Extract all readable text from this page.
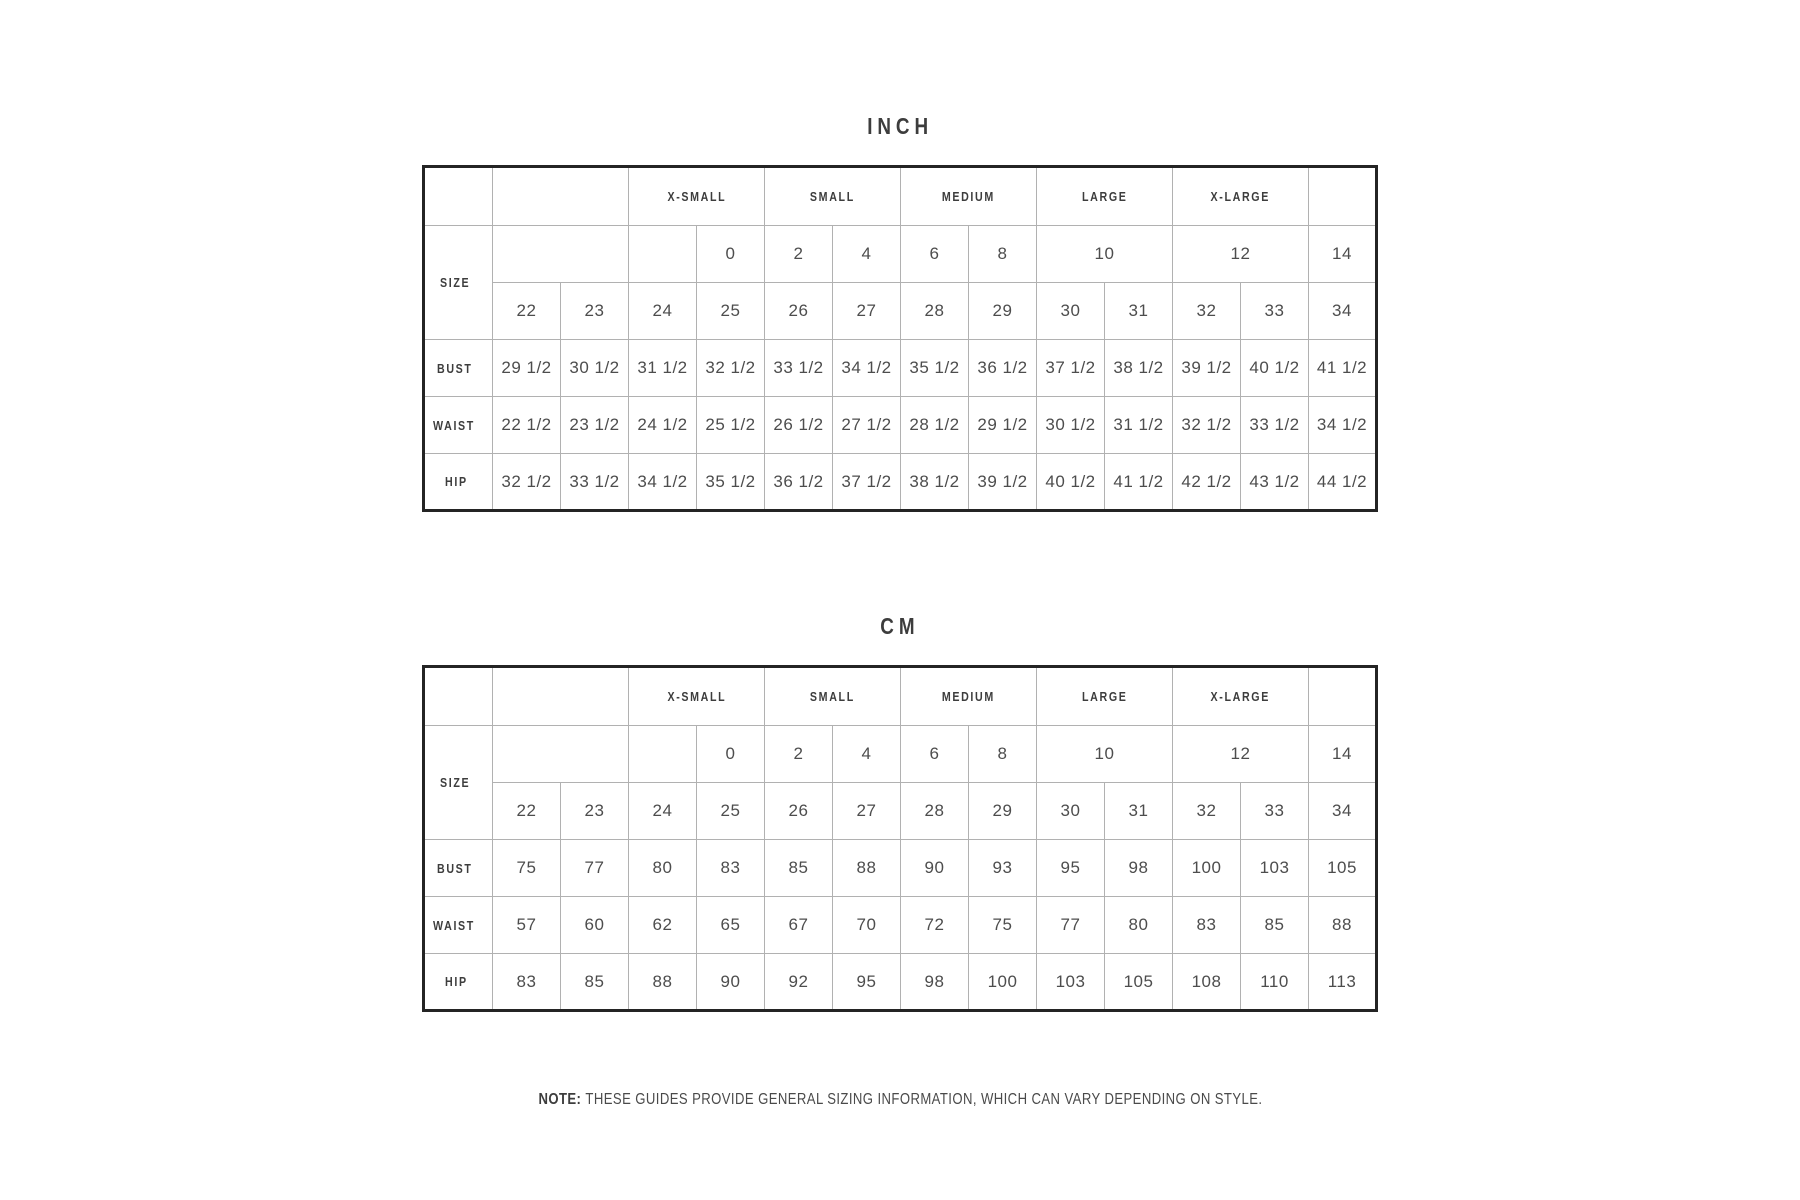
INCH
			X-SMALL		SMALL		MEDIUM		LARGE		X-LARGE		
SIZE				0	2	4	6	8	10		12		14
	22	23	24	25	26	27	28	29	30	31	32	33	34
BUST	29 1/2	30 1/2	31 1/2	32 1/2	33 1/2	34 1/2	35 1/2	36 1/2	37 1/2	38 1/2	39 1/2	40 1/2	41 1/2
WAIST	22 1/2	23 1/2	24 1/2	25 1/2	26 1/2	27 1/2	28 1/2	29 1/2	30 1/2	31 1/2	32 1/2	33 1/2	34 1/2
HIP	32 1/2	33 1/2	34 1/2	35 1/2	36 1/2	37 1/2	38 1/2	39 1/2	40 1/2	41 1/2	42 1/2	43 1/2	44 1/2
CM
			X-SMALL		SMALL		MEDIUM		LARGE		X-LARGE		
SIZE				0	2	4	6	8	10		12		14
	22	23	24	25	26	27	28	29	30	31	32	33	34
BUST	75	77	80	83	85	88	90	93	95	98	100	103	105
WAIST	57	60	62	65	67	70	72	75	77	80	83	85	88
HIP	83	85	88	90	92	95	98	100	103	105	108	110	113

NOTE: THESE GUIDES PROVIDE GENERAL SIZING INFORMATION, WHICH CAN VARY DEPENDING ON STYLE.
